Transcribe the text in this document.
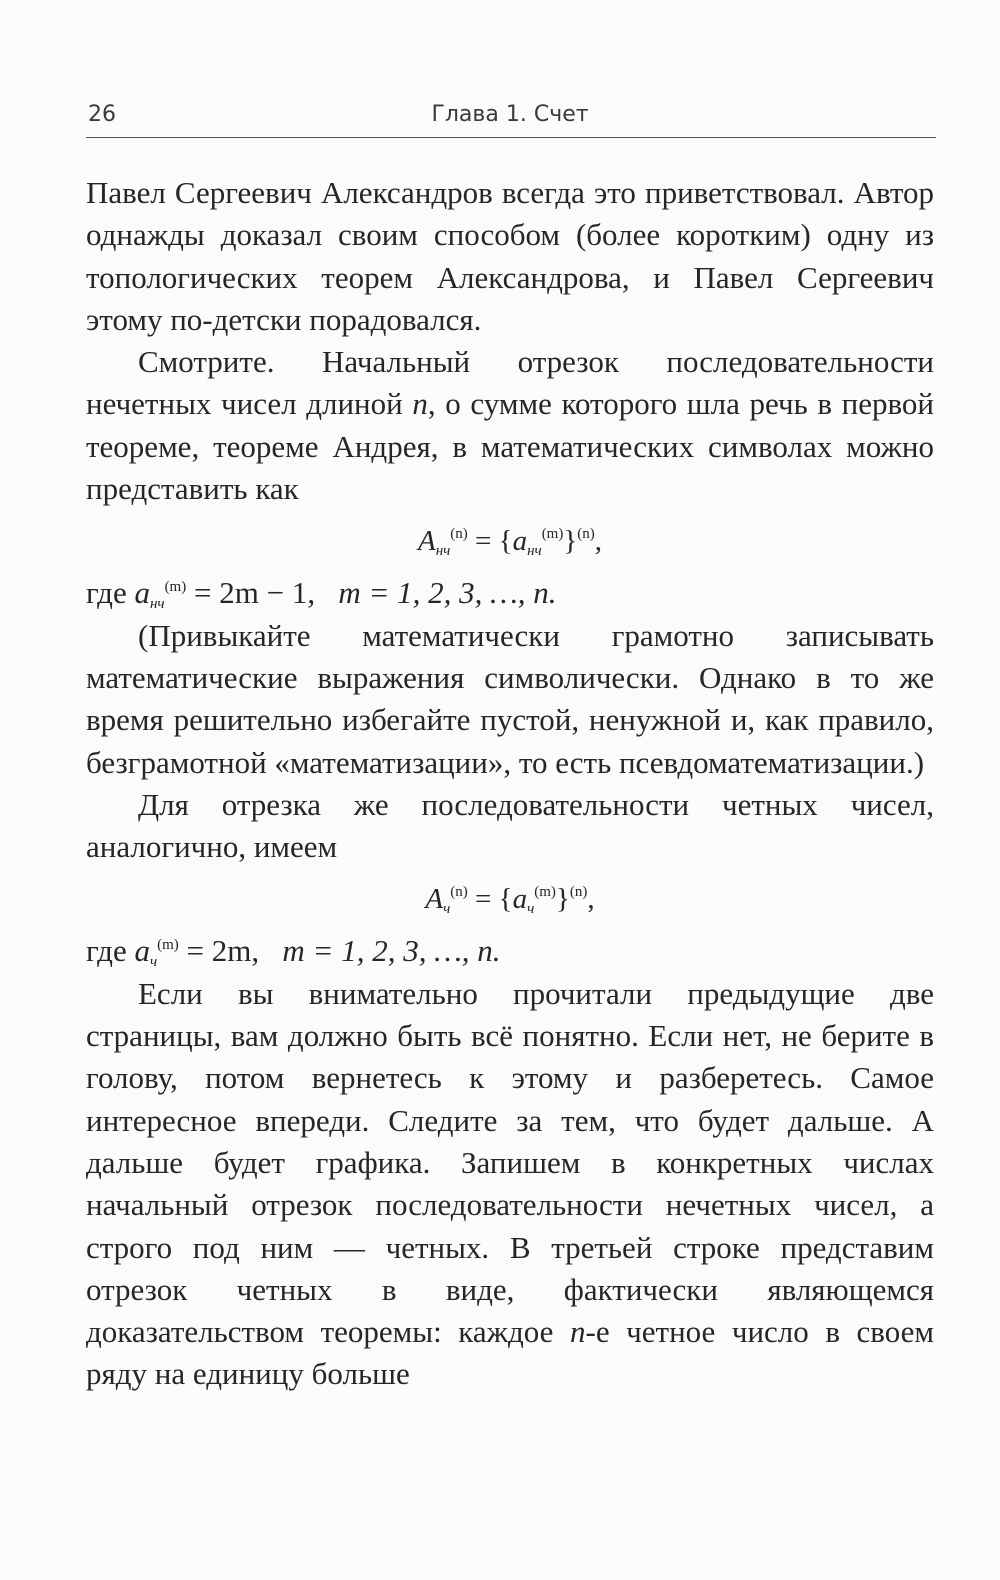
26	Глава 1. Счет

Павел Сергеевич Александров всегда это приветствовал. Автор однажды доказал своим способом (более коротким) одну из топологических теорем Александрова, и Павел Сергеевич этому по-детски порадовался.

Смотрите. Начальный отрезок последовательности нечетных чисел длиной n, о сумме которого шла речь в первой теореме, теореме Андрея, в математических символах можно представить как

$A_{нч}^{(n)} = \{a_{нч}^{(m)}\}^{(n)}$,

где $a_{нч}^{(m)} = 2m - 1$, m = 1, 2, 3, …, n.

(Привыкайте математически грамотно записывать математические выражения символически. Однако в то же время решительно избегайте пустой, ненужной и, как правило, безграмотной «математизации», то есть псевдоматематизации.)

Для отрезка же последовательности четных чисел, аналогично, имеем

$A_ч^{(n)} = \{a_ч^{(m)}\}^{(n)}$,

где $a_ч^{(m)} = 2m$, m = 1, 2, 3, …, n.

Если вы внимательно прочитали предыдущие две страницы, вам должно быть всё понятно. Если нет, не берите в голову, потом вернетесь к этому и разберетесь. Самое интересное впереди. Следите за тем, что будет дальше. А дальше будет графика. Запишем в конкретных числах начальный отрезок последовательности нечетных чисел, а строго под ним — четных. В третьей строке представим отрезок четных в виде, фактически являющемся доказательством теоремы: каждое n-е четное число в своем ряду на единицу больше
